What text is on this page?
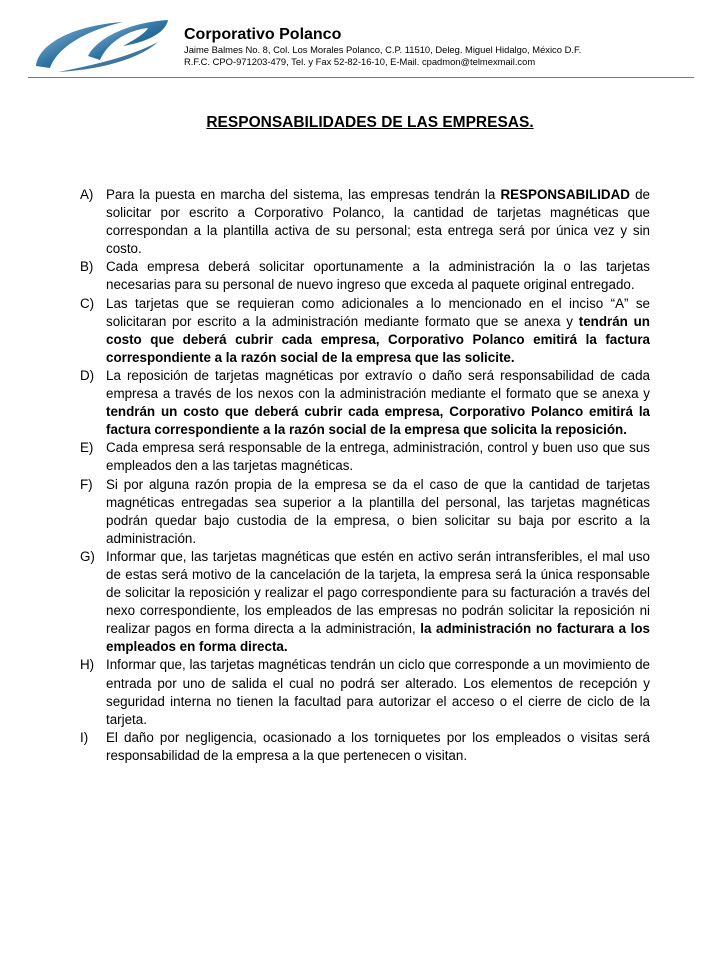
Corporativo Polanco

Jaime Balmes No. 8, Col. Los Morales Polanco, C.P. 11510, Deleg. Miguel Hidalgo, México D.F.

R.F.C. CPO-971203-479, Tel. y Fax 52-82-16-10, E-Mail. cpadmon@telmexmail.com

RESPONSABILIDADES DE LAS EMPRESAS.
A) Para la puesta en marcha del sistema, las empresas tendrán la RESPONSABILIDAD de solicitar por escrito a Corporativo Polanco, la cantidad de tarjetas magnéticas que correspondan a la plantilla activa de su personal; esta entrega será por única vez y sin costo.
B) Cada empresa deberá solicitar oportunamente a la administración la o las tarjetas necesarias para su personal de nuevo ingreso que exceda al paquete original entregado.
C) Las tarjetas que se requieran como adicionales a lo mencionado en el inciso “A” se solicitaran por escrito a la administración mediante formato que se anexa y tendrán un costo que deberá cubrir cada empresa, Corporativo Polanco emitirá la factura correspondiente a la razón social de la empresa que las solicite.
D) La reposición de tarjetas magnéticas por extravío o daño será responsabilidad de cada empresa a través de los nexos con la administración mediante el formato que se anexa y tendrán un costo que deberá cubrir cada empresa, Corporativo Polanco emitirá la factura correspondiente a la razón social de la empresa que solicita la reposición.
E) Cada empresa será responsable de la entrega, administración, control y buen uso que sus empleados den a las tarjetas magnéticas.
F) Si por alguna razón propia de la empresa se da el caso de que la cantidad de tarjetas magnéticas entregadas sea superior a la plantilla del personal, las tarjetas magnéticas podrán quedar bajo custodia de la empresa, o bien solicitar su baja por escrito a la administración.
G) Informar que, las tarjetas magnéticas que estén en activo serán intransferibles, el mal uso de estas será motivo de la cancelación de la tarjeta, la empresa será la única responsable de solicitar la reposición y realizar el pago correspondiente para su facturación a través del nexo correspondiente, los empleados de las empresas no podrán solicitar la reposición ni realizar pagos en forma directa a la administración, la administración no facturara a los empleados en forma directa.
H) Informar que, las tarjetas magnéticas tendrán un ciclo que corresponde a un movimiento de entrada por uno de salida el cual no podrá ser alterado. Los elementos de recepción y seguridad interna no tienen la facultad para autorizar el acceso o el cierre de ciclo de la tarjeta.
I)	El daño por negligencia, ocasionado a los torniquetes por los empleados o visitas será responsabilidad de la empresa a la que pertenecen o visitan.
